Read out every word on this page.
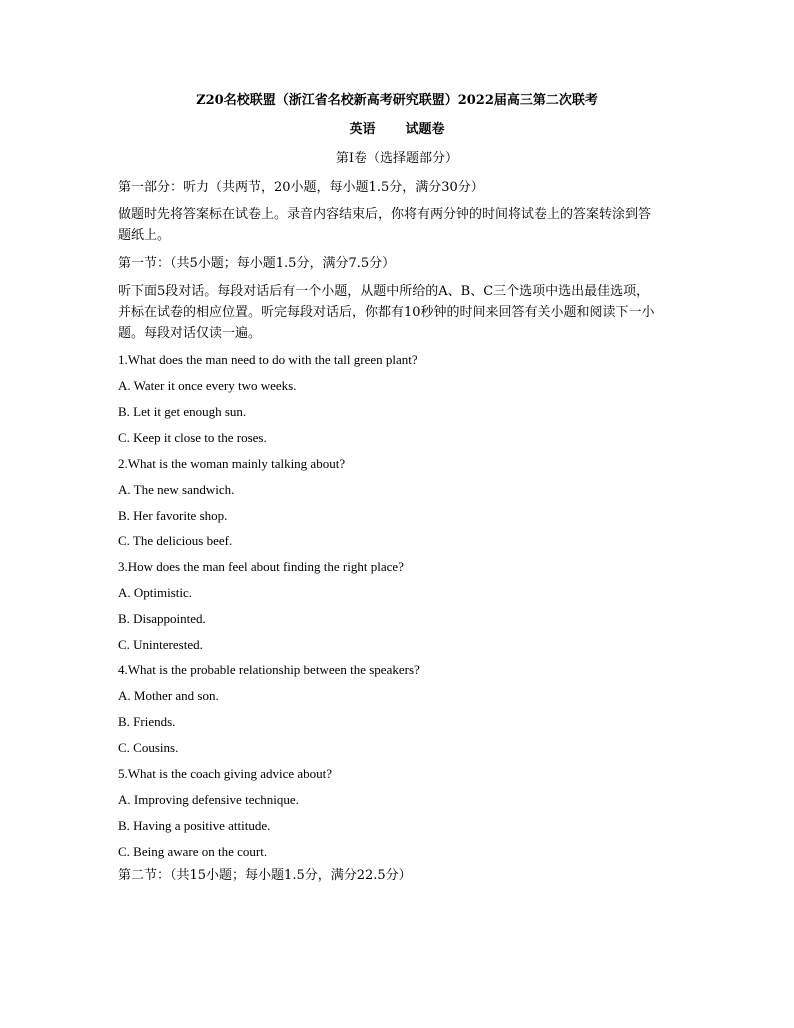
Z20名校联盟（浙江省名校新高考研究联盟）2022届高三第二次联考
英语 试题卷
第I卷（选择题部分）
第一部分：听力（共两节，20小题，每小题1.5分，满分30分）
做题时先将答案标在试卷上。录音内容结束后，你将有两分钟的时间将试卷上的答案转涂到答
题纸上。
第一节：（共5小题；每小题1.5分，满分7.5分）
听下面5段对话。每段对话后有一个小题，从题中所给的A、B、C三个选项中选出最佳选项，
并标在试卷的相应位置。听完每段对话后，你都有10秒钟的时间来回答有关小题和阅读下一小
题。每段对话仅读一遍。
1.What does the man need to do with the tall green plant?
A. Water it once every two weeks.
B. Let it get enough sun.
C. Keep it close to the roses.
2.What is the woman mainly talking about?
A. The new sandwich.
B. Her favorite shop.
C. The delicious beef.
3.How does the man feel about finding the right place?
A. Optimistic.
B. Disappointed.
C. Uninterested.
4.What is the probable relationship between the speakers?
A. Mother and son.
B. Friends.
C. Cousins.
5.What is the coach giving advice about?
A. Improving defensive technique.
B. Having a positive attitude.
C. Being aware on the court.
第二节：（共15小题；每小题1.5分，满分22.5分）
